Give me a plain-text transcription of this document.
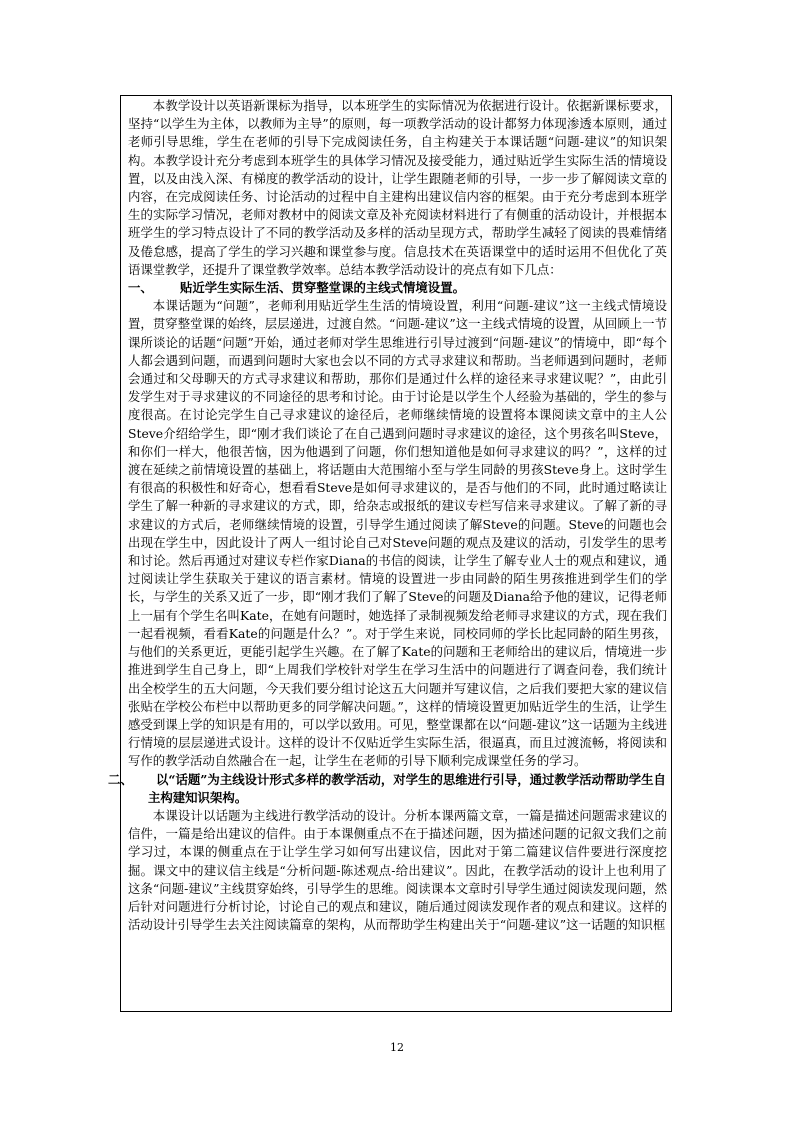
本教学设计以英语新课标为指导，以本班学生的实际情况为依据进行设计。依据新课标要求，坚持“以学生为主体，以教师为主导”的原则，每一项教学活动的设计都努力体现渗透本原则，通过老师引导思维，学生在老师的引导下完成阅读任务，自主构建关于本课话题“问题-建议”的知识架构。本教学设计充分考虑到本班学生的具体学习情况及接受能力，通过贴近学生实际生活的情境设置，以及由浅入深、有梯度的教学活动的设计，让学生跟随老师的引导，一步一步了解阅读文章的内容，在完成阅读任务、讨论活动的过程中自主建构出建议信内容的框架。由于充分考虑到本班学生的实际学习情况，老师对教材中的阅读文章及补充阅读材料进行了有侧重的活动设计，并根据本班学生的学习特点设计了不同的教学活动及多样的活动呈现方式，帮助学生减轻了阅读的畏难情绪及倦怠感，提高了学生的学习兴趣和课堂参与度。信息技术在英语课堂中的适时运用不但优化了英语课堂教学，还提升了课堂教学效率。总结本教学活动设计的亮点有如下几点：

一、 贴近学生实际生活、贯穿整堂课的主线式情境设置。

本课话题为“问题”，老师利用贴近学生生活的情境设置，利用“问题-建议”这一主线式情境设置，贯穿整堂课的始终，层层递进，过渡自然。“问题-建议”这一主线式情境的设置，从回顾上一节课所谈论的话题“问题”开始，通过老师对学生思维进行引导过渡到“问题-建议”的情境中，即“每个人都会遇到问题，而遇到问题时大家也会以不同的方式寻求建议和帮助。当老师遇到问题时，老师会通过和父母聊天的方式寻求建议和帮助，那你们是通过什么样的途径来寻求建议呢？”，由此引发学生对于寻求建议的不同途径的思考和讨论。由于讨论是以学生个人经验为基础的，学生的参与度很高。在讨论完学生自己寻求建议的途径后，老师继续情境的设置将本课阅读文章中的主人公Steve介绍给学生，即“刚才我们谈论了在自己遇到问题时寻求建议的途径，这个男孩名叫Steve，和你们一样大，他很苦恼，因为他遇到了问题，你们想知道他是如何寻求建议的吗？”，这样的过渡在延续之前情境设置的基础上，将话题由大范围缩小至与学生同龄的男孩Steve身上。这时学生有很高的积极性和好奇心，想看看Steve是如何寻求建议的，是否与他们的不同，此时通过略读让学生了解一种新的寻求建议的方式，即，给杂志或报纸的建议专栏写信来寻求建议。了解了新的寻求建议的方式后，老师继续情境的设置，引导学生通过阅读了解Steve的问题。Steve的问题也会出现在学生中，因此设计了两人一组讨论自己对Steve问题的观点及建议的活动，引发学生的思考和讨论。然后再通过对建议专栏作家Diana的书信的阅读，让学生了解专业人士的观点和建议，通过阅读让学生获取关于建议的语言素材。情境的设置进一步由同龄的陌生男孩推进到学生们的学长，与学生的关系又近了一步，即“刚才我们了解了Steve的问题及Diana给予他的建议，记得老师上一届有个学生名叫Kate，在她有问题时，她选择了录制视频发给老师寻求建议的方式，现在我们一起看视频，看看Kate的问题是什么？”。对于学生来说，同校同师的学长比起同龄的陌生男孩，与他们的关系更近，更能引起学生兴趣。在了解了Kate的问题和王老师给出的建议后，情境进一步推进到学生自己身上，即“上周我们学校针对学生在学习生活中的问题进行了调查问卷，我们统计出全校学生的五大问题，今天我们要分组讨论这五大问题并写建议信，之后我们要把大家的建议信张贴在学校公布栏中以帮助更多的同学解决问题。”，这样的情境设置更加贴近学生的生活，让学生感受到课上学的知识是有用的，可以学以致用。可见，整堂课都在以“问题-建议”这一话题为主线进行情境的层层递进式设计。这样的设计不仅贴近学生实际生活，很逼真，而且过渡流畅，将阅读和写作的教学活动自然融合在一起，让学生在老师的引导下顺利完成课堂任务的学习。

二、 以“话题”为主线设计形式多样的教学活动，对学生的思维进行引导，通过教学活动帮助学生自主构建知识架构。

本课设计以话题为主线进行教学活动的设计。分析本课两篇文章，一篇是描述问题需求建议的信件，一篇是给出建议的信件。由于本课侧重点不在于描述问题，因为描述问题的记叙文我们之前学习过，本课的侧重点在于让学生学习如何写出建议信，因此对于第二篇建议信件要进行深度挖掘。课文中的建议信主线是“分析问题-陈述观点-给出建议”。因此，在教学活动的设计上也利用了这条“问题-建议”主线贯穿始终，引导学生的思维。阅读课本文章时引导学生通过阅读发现问题，然后针对问题进行分析讨论，讨论自己的观点和建议，随后通过阅读发现作者的观点和建议。这样的活动设计引导学生去关注阅读篇章的架构，从而帮助学生构建出关于“问题-建议”这一话题的知识框

12
